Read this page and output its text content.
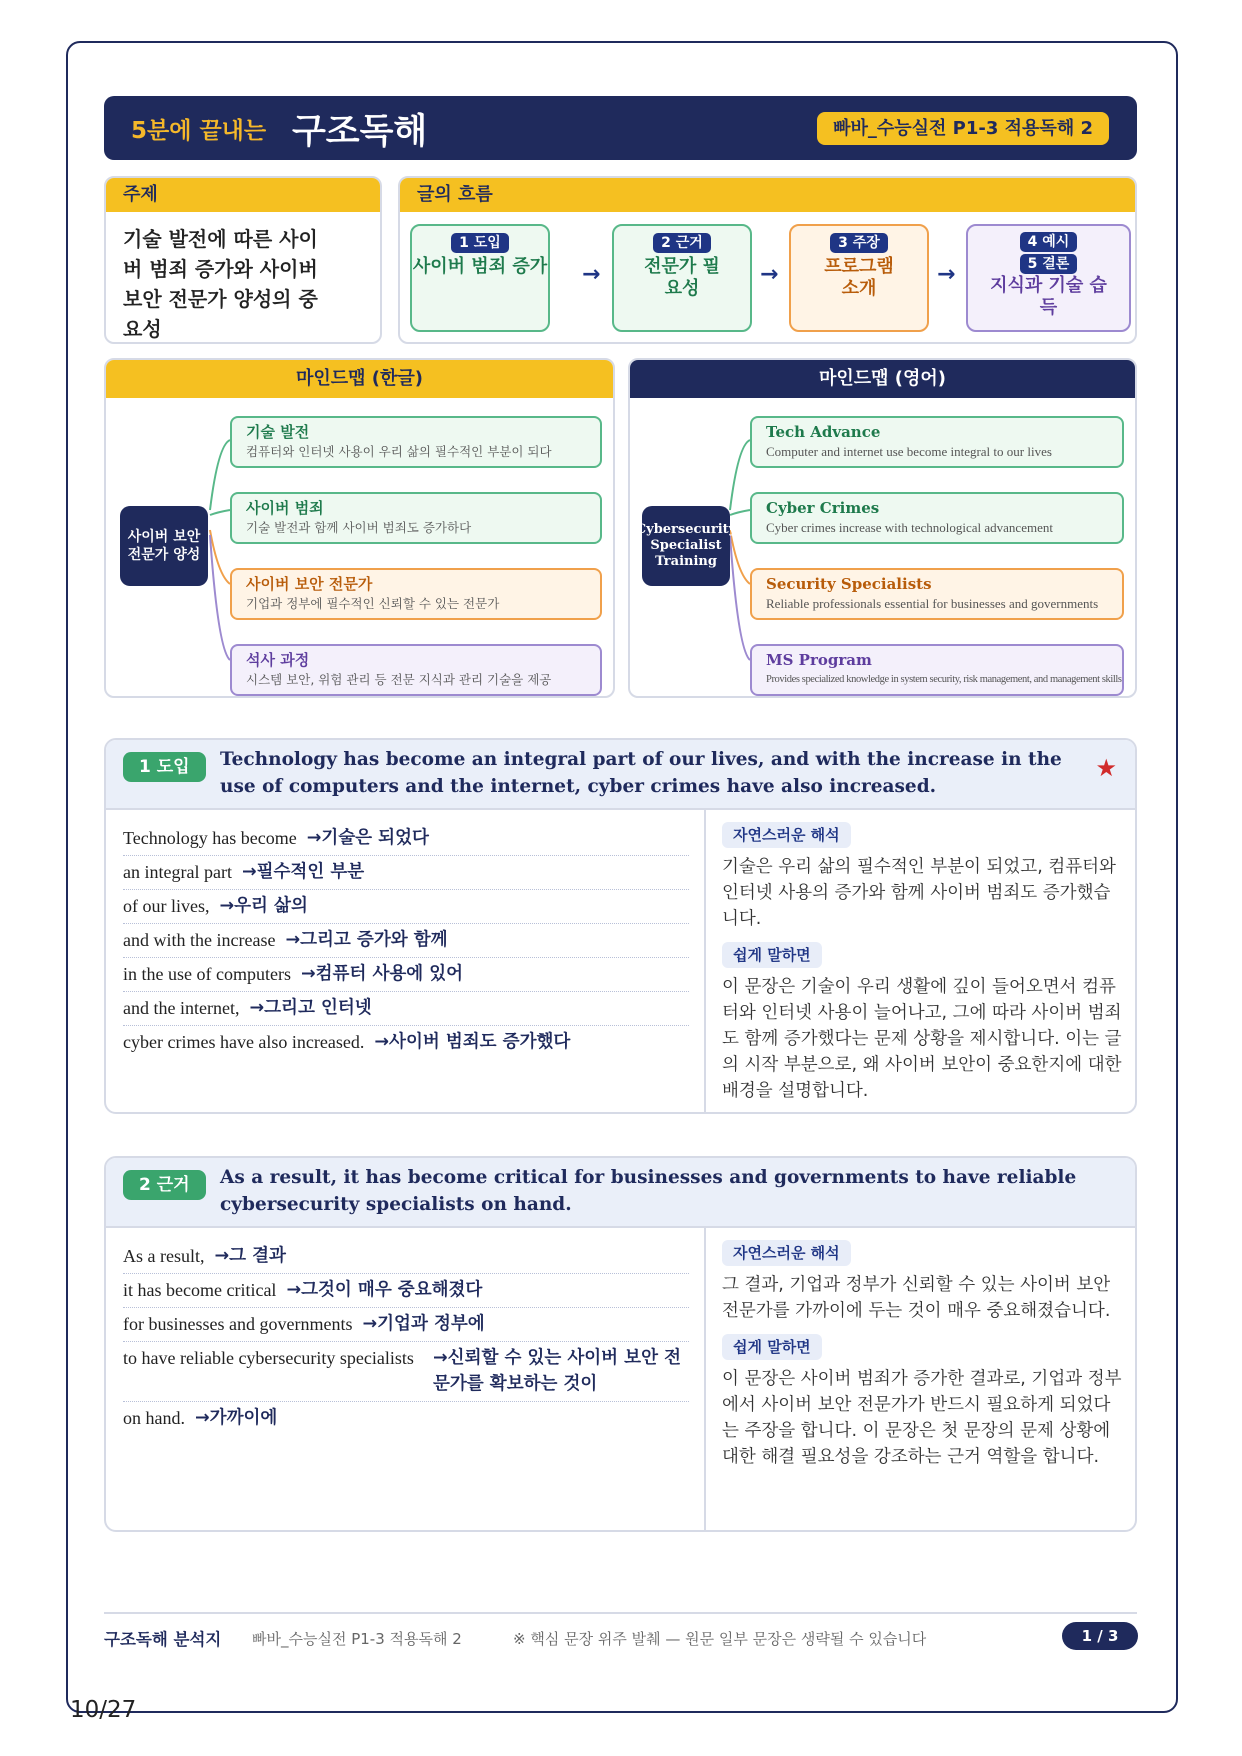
5분에 끝내는 구조독해	빠바_수능실전 P1-3 적용독해 2
주제
기술 발전에 따른 사이버 범죄 증가와 사이버 보안 전문가 양성의 중요성
글의 흐름
1 도입
사이버 범죄 증가 →
2 근거
전문가 필요성
→
3 주장
프로그램 소개
→
4 예시
5 결론
지식과 기술 습득
마인드맵 (한글)
사이버 보안 전문가 양성
기술 발전
컴퓨터와 인터넷 사용이 우리 삶의 필수적인 부분이 되다
사이버 범죄
기술 발전과 함께 사이버 범죄도 증가하다
사이버 보안 전문가
기업과 정부에 필수적인 신뢰할 수 있는 전문가
석사 과정
시스템 보안, 위험 관리 등 전문 지식과 관리 기술을 제공
마인드맵 (영어)
Cybersecurity Specialist Training
Tech Advance
Computer and internet use become integral to our lives
Cyber Crimes
Cyber crimes increase with technological advancement
Security Specialists
Reliable professionals essential for businesses and governments
MS Program
Provides specialized knowledge in system security, risk management, and management skills
1 도입	Technology has become an integral part of our lives, and with the increase in the use of computers and the internet, cyber crimes have also increased.
★
Technology has become →기술은 되었다
an integral part →필수적인 부분
of our lives, →우리 삶의
and with the increase →그리고 증가와 함께
in the use of computers →컴퓨터 사용에 있어
and the internet, →그리고 인터넷
cyber crimes have also increased. →사이버 범죄도 증가했다
자연스러운 해석
기술은 우리 삶의 필수적인 부분이 되었고, 컴퓨터와 인터넷 사용의 증가와 함께 사이버 범죄도 증가했습니다.
쉽게 말하면
이 문장은 기술이 우리 생활에 깊이 들어오면서 컴퓨터와 인터넷 사용이 늘어나고, 그에 따라 사이버 범죄도 함께 증가했다는 문제 상황을 제시합니다. 이는 글의 시작 부분으로, 왜 사이버 보안이 중요한지에 대한 배경을 설명합니다.
2 근거	As a result, it has become critical for businesses and governments to have reliable cybersecurity specialists on hand.
As a result, →그 결과
it has become critical →그것이 매우 중요해졌다
for businesses and governments →기업과 정부에
to have reliable cybersecurity specialists	→신뢰할 수 있는 사이버 보안 전문가를 확보하는 것이
on hand. →가까이에
자연스러운 해석
그 결과, 기업과 정부가 신뢰할 수 있는 사이버 보안 전문가를 가까이에 두는 것이 매우 중요해졌습니다.
쉽게 말하면
이 문장은 사이버 범죄가 증가한 결과로, 기업과 정부에서 사이버 보안 전문가가 반드시 필요하게 되었다는 주장을 합니다. 이 문장은 첫 문장의 문제 상황에 대한 해결 필요성을 강조하는 근거 역할을 합니다.
구조독해 분석지 빠바_수능실전 P1-3 적용독해 2	※ 핵심 문장 위주 발췌 — 원문 일부 문장은 생략될 수 있습니다	1 / 3
10/27
